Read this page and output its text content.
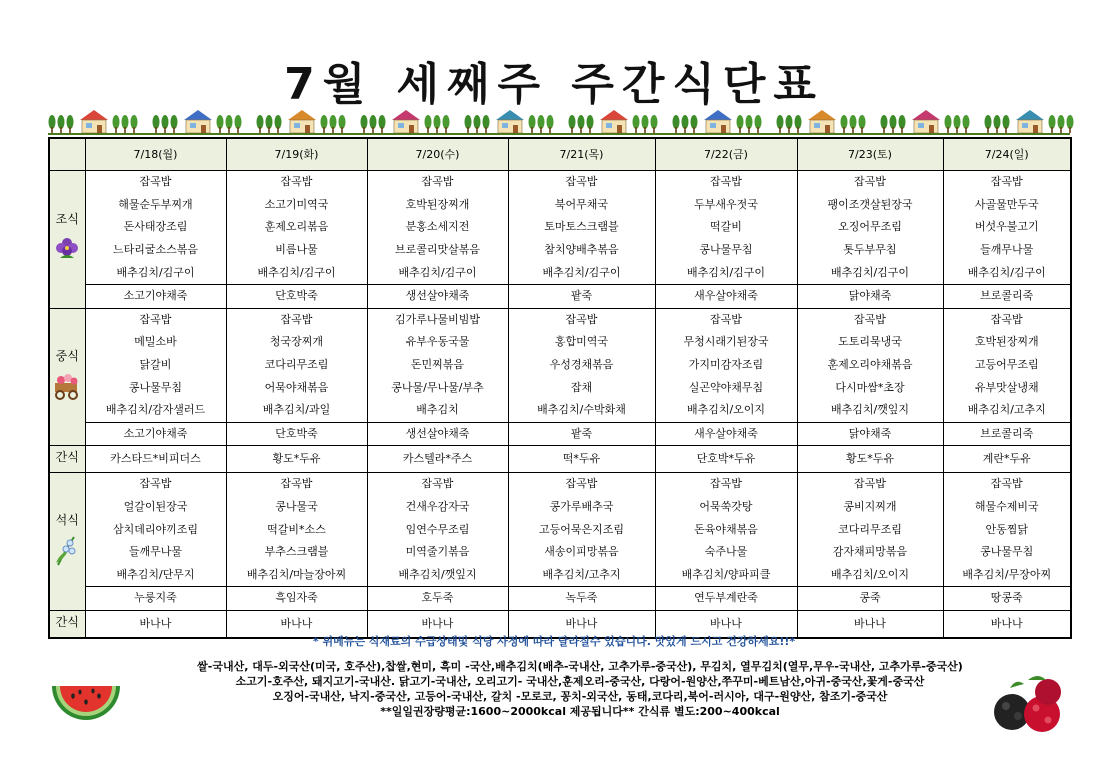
7월 세째주 주간식단표
	7/18(월)	7/19(화)	7/20(수)	7/21(목)	7/22(금)	7/23(토)	7/24(일)

조식	잡곡밥	잡곡밥	잡곡밥	잡곡밥	잡곡밥	잡곡밥	잡곡밥
	해물순두부찌개	소고기미역국	호박된장찌개	북어무채국	두부새우젓국	팽이조갯살된장국	사골물만두국
	돈사태장조림	훈제오리볶음	분홍소세지전	토마토스크램블	떡갈비	오징어무조림	버섯우불고기
	느타리굴소스볶음	비름나물	브로콜리맛살볶음	참치양배추볶음	콩나물무침	톳두부무침	들깨무나물
	배추김치/김구이	배추김치/김구이	배추김치/김구이	배추김치/김구이	배추김치/김구이	배추김치/김구이	배추김치/김구이
	소고기야채죽	단호박죽	생선살야채죽	팥죽	새우살야채죽	닭야채죽	브로콜리죽

중식	잡곡밥	잡곡밥	김가루나물비빔밥	잡곡밥	잡곡밥	잡곡밥	잡곡밥
	메밀소바	청국장찌개	유부우동국물	홍합미역국	무청시래기된장국	도토리묵냉국	호박된장찌개
	닭갈비	코다리무조림	돈민찌볶음	우성경채볶음	가지미감자조림	훈제오리야채볶음	고등어무조림
	콩나물무침	어묵야채볶음	콩나물/무나물/부추	잡채	실곤약야채무침	다시마쌈*초장	유부맛살냉채
	배추김치/감자샐러드	배추김치/과일	배추김치	배추김치/수박화채	배추김치/오이지	배추김치/깻잎지	배추김치/고추지
	소고기야채죽	단호박죽	생선살야채죽	팥죽	새우살야채죽	닭야채죽	브로콜리죽

간식	카스타드*비피더스	황도*두유	카스텔라*주스	떡*두유	단호박*두유	황도*두유	계란*두유

석식	잡곡밥	잡곡밥	잡곡밥	잡곡밥	잡곡밥	잡곡밥	잡곡밥
	얼갈이된장국	콩나물국	건새우감자국	콩가루배추국	어묵쑥갓탕	콩비지찌개	해물수제비국
	삼치데리야끼조림	떡갈비*소스	임연수무조림	고등어묵은지조림	돈육야채볶음	코다리무조림	안동찜닭
	들깨무나물	부추스크램블	미역줄기볶음	새송이피망볶음	숙주나물	감자채피망볶음	콩나물무침
	배추김치/단무지	배추김치/마늘장아찌	배추김치/깻잎지	배추김치/고추지	배추김치/양파피클	배추김치/오이지	배추김치/무장아찌
	누룽지죽	흑임자죽	호두죽	녹두죽	연두부계란죽	콩죽	땅콩죽

간식	바나나	바나나	바나나	바나나	바나나	바나나	바나나
* 위메뉴는 식재료의 수급상태및 식당 사정에 따라 달라질수 있습니다. 맛있게 드시고 건강하세요!!*
쌀-국내산, 대두-외국산(미국, 호주산),찹쌀,현미, 흑미 -국산,배추김치(배추-국내산, 고추가루-중국산), 무김치, 열무김치(열무,무우-국내산, 고추가루-중국산)
소고기-호주산, 돼지고기-국내산. 닭고기-국내산, 오리고기- 국내산,훈제오리-중국산, 다랑어-원양산,쭈꾸미-베트남산,아귀-중국산,꽃게-중국산
오징어-국내산, 낙지-중국산, 고등어-국내산, 갈치 -모로코, 꽁치-외국산, 동태,코다리,북어-러시아, 대구-원양산, 참조기-중국산
**일일권장량평균:1600~2000kcal 제공됩니다** 간식류 별도:200~400kcal
